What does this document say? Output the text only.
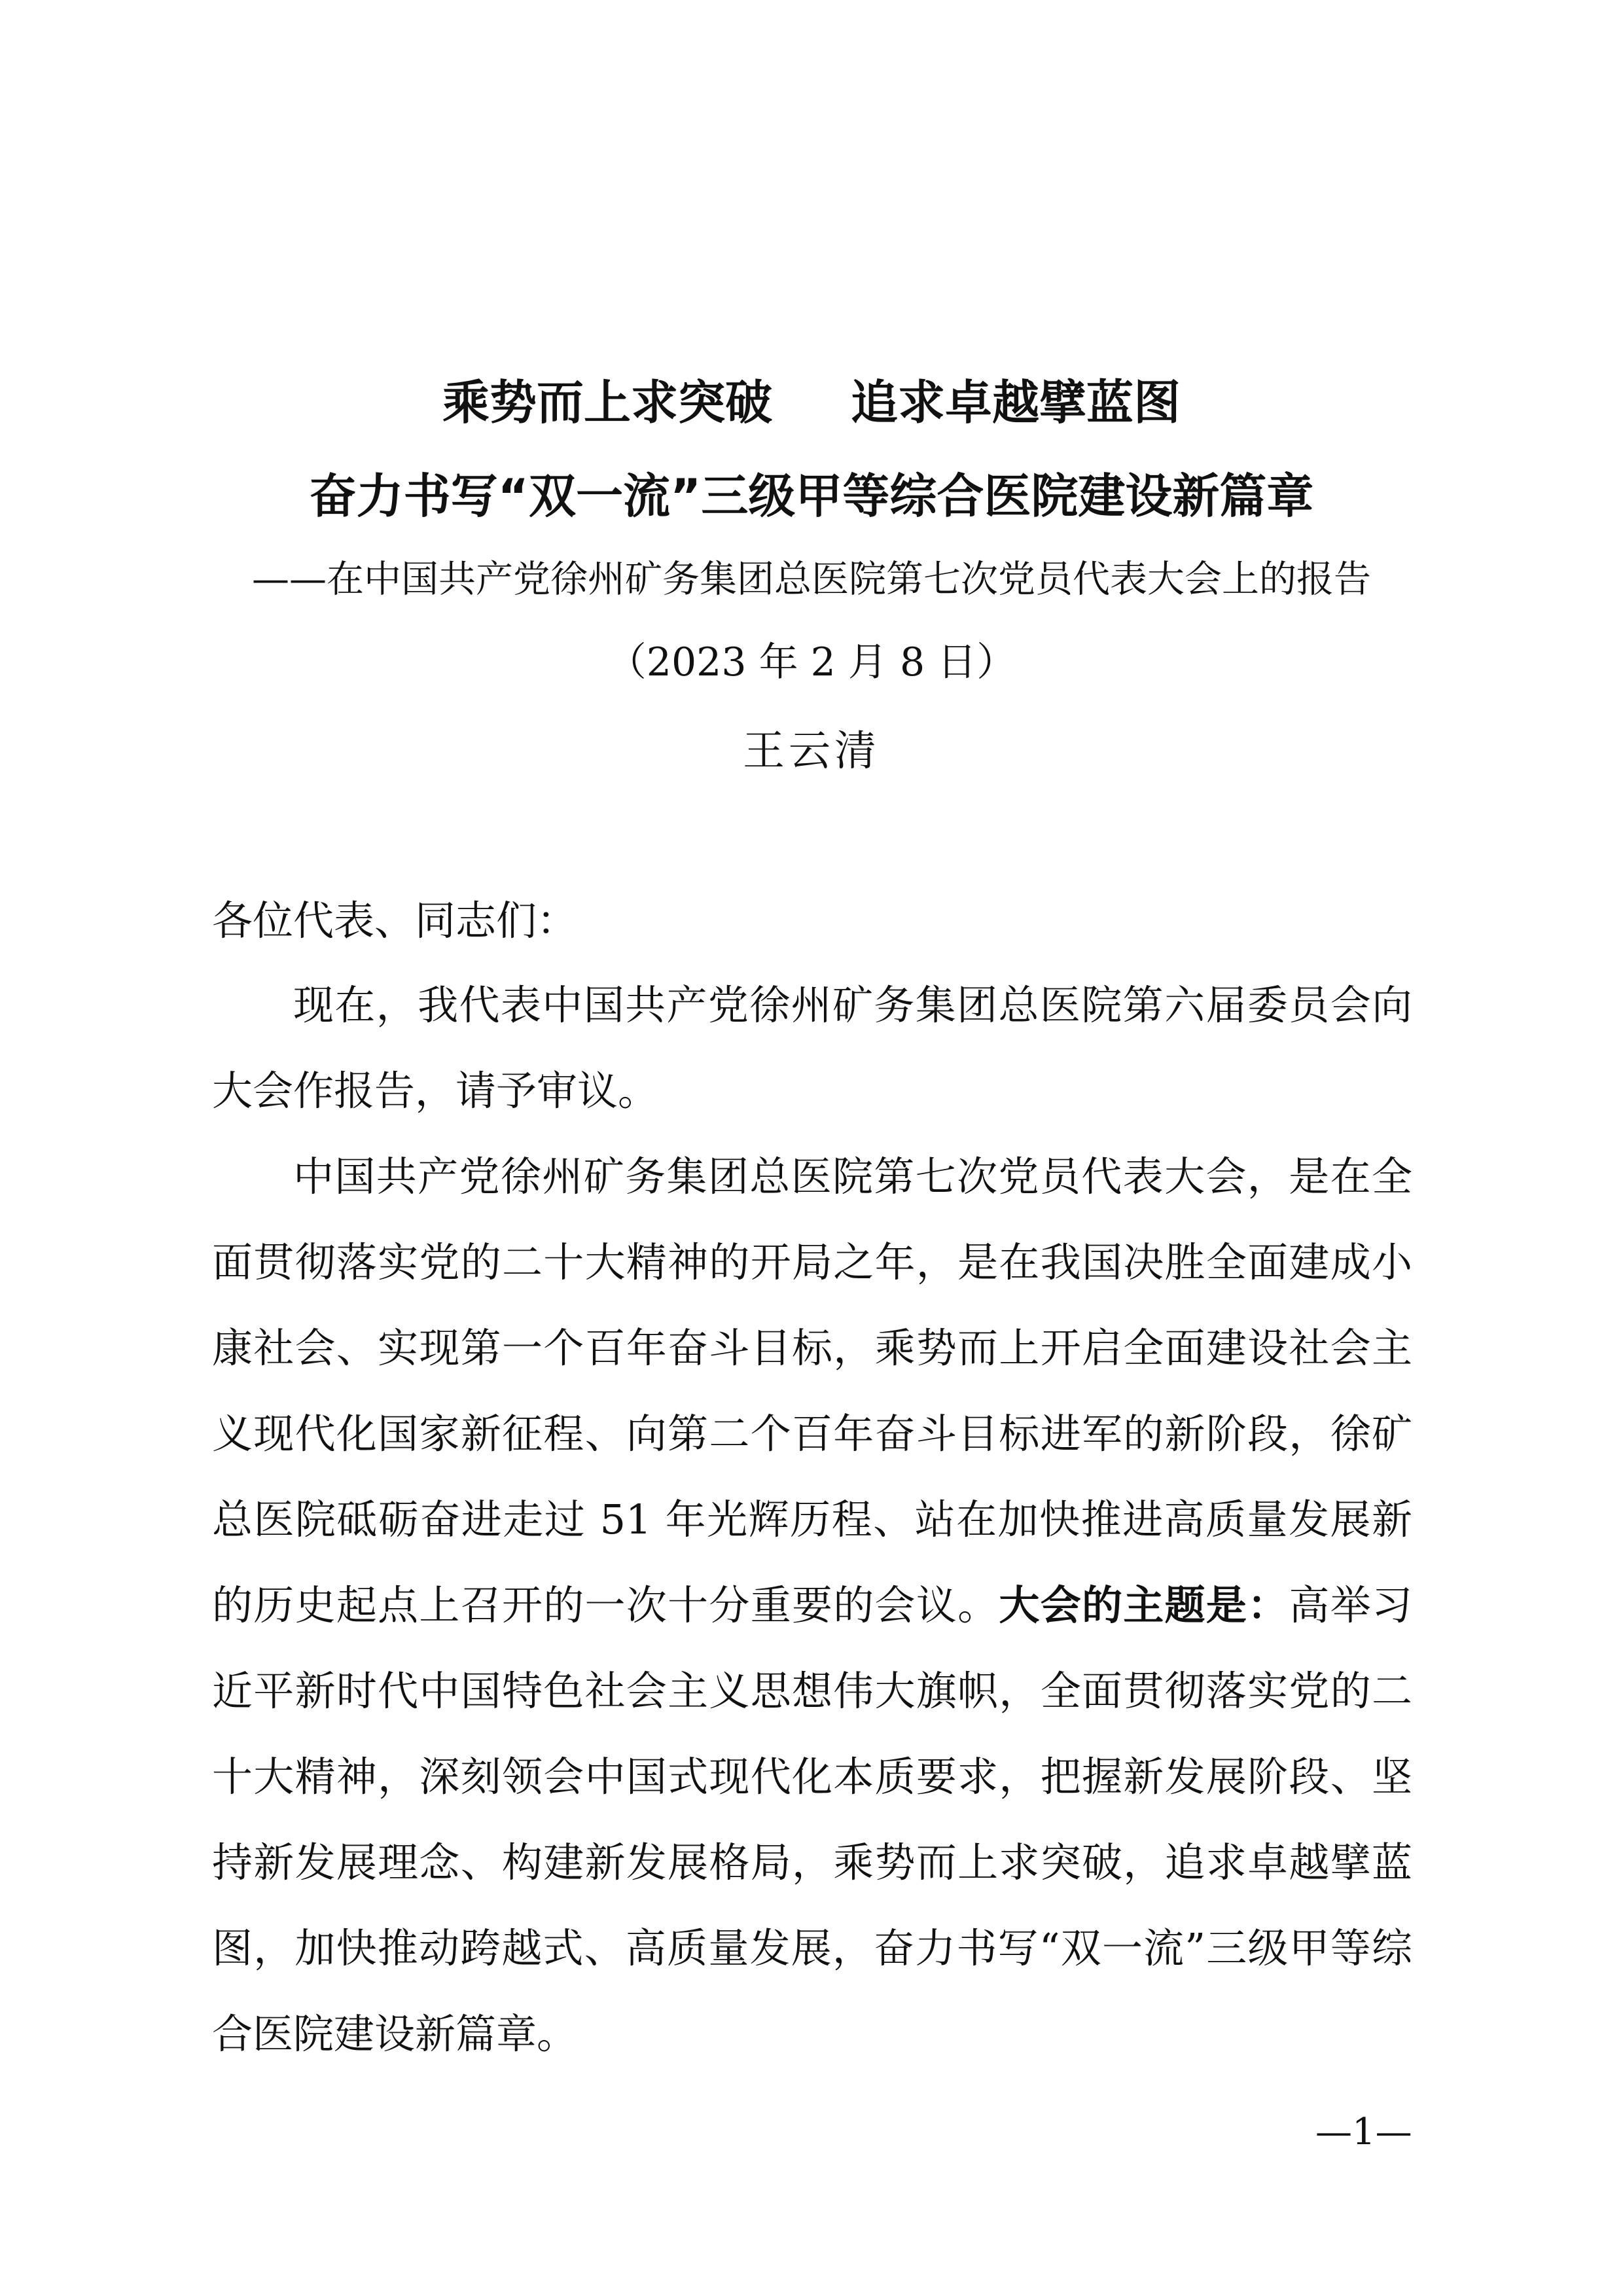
乘势而上求突破 追求卓越擘蓝图
奋力书写“双一流”三级甲等综合医院建设新篇章
——在中国共产党徐州矿务集团总医院第七次党员代表大会上的报告
（2023 年 2 月 8 日）
王云清
各位代表、同志们：

现在，我代表中国共产党徐州矿务集团总医院第六届委员会向大会作报告，请予审议。

中国共产党徐州矿务集团总医院第七次党员代表大会，是在全面贯彻落实党的二十大精神的开局之年，是在我国决胜全面建成小康社会、实现第一个百年奋斗目标，乘势而上开启全面建设社会主义现代化国家新征程、向第二个百年奋斗目标进军的新阶段，徐矿总医院砥砺奋进走过 51 年光辉历程、站在加快推进高质量发展新的历史起点上召开的一次十分重要的会议。大会的主题是：高举习近平新时代中国特色社会主义思想伟大旗帜，全面贯彻落实党的二十大精神，深刻领会中国式现代化本质要求，把握新发展阶段、坚持新发展理念、构建新发展格局，乘势而上求突破，追求卓越擘蓝图，加快推动跨越式、高质量发展，奋力书写“双一流”三级甲等综合医院建设新篇章。

—1—
